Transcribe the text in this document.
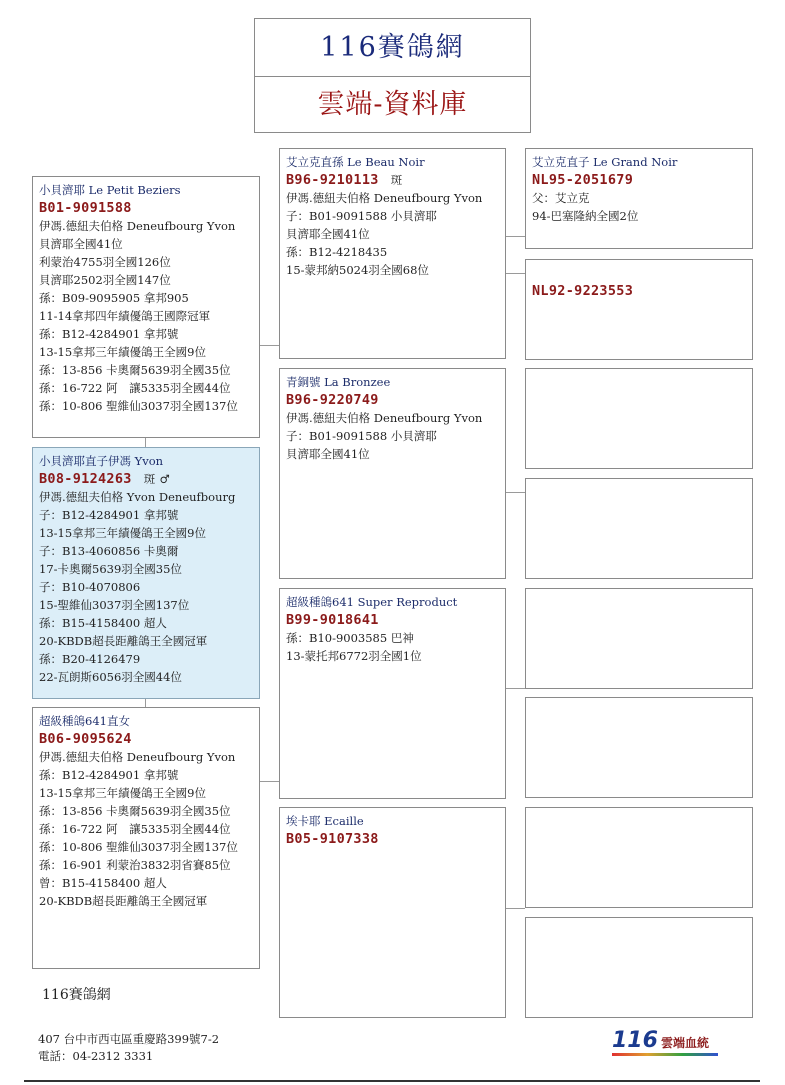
116賽鴿網
雲端-資料庫
小貝濟耶 Le Petit Beziers
B01-9091588
伊馮.德紐夫伯格 Deneufbourg Yvon
貝濟耶全國41位
利蒙治4755羽全國126位
貝濟耶2502羽全國147位
孫：B09-9095905 拿邦905
11-14拿邦四年績優鴿王國際冠軍
孫：B12-4284901 拿邦號
13-15拿邦三年績優鴿王全國9位
孫：13-856 卡奧爾5639羽全國35位
孫：16-722 阿　讓5335羽全國44位
孫：10-806 聖維仙3037羽全國137位
小貝濟耶直子伊馮 Yvon
B08-9124263 斑 ♂
伊馮.德紐夫伯格 Yvon Deneufbourg
子：B12-4284901 拿邦號
13-15拿邦三年績優鴿王全國9位
子：B13-4060856 卡奧爾
17-卡奧爾5639羽全國35位
子：B10-4070806
15-聖維仙3037羽全國137位
孫：B15-4158400 超人
20-KBDB超長距離鴿王全國冠軍
孫：B20-4126479
22-瓦朗斯6056羽全國44位
超級種鴿641直女
B06-9095624
伊馮.德紐夫伯格 Deneufbourg Yvon
孫：B12-4284901 拿邦號
13-15拿邦三年績優鴿王全國9位
孫：13-856 卡奧爾5639羽全國35位
孫：16-722 阿　讓5335羽全國44位
孫：10-806 聖維仙3037羽全國137位
孫：16-901 利蒙治3832羽省賽85位
曾：B15-4158400 超人
20-KBDB超長距離鴿王全國冠軍
艾立克直孫 Le Beau Noir
B96-9210113 斑
伊馮.德紐夫伯格 Deneufbourg Yvon
子：B01-9091588 小貝濟耶
貝濟耶全國41位
孫：B12-4218435
15-蒙邦納5024羽全國68位
青銅號 La Bronzee
B96-9220749
伊馮.德紐夫伯格 Deneufbourg Yvon
子：B01-9091588 小貝濟耶
貝濟耶全國41位
超級種鴿641 Super Reproduct
B99-9018641
孫：B10-9003585 巴神
13-蒙托邦6772羽全國1位
埃卡耶 Ecaille
B05-9107338
艾立克直子 Le Grand Noir
NL95-2051679
父：艾立克
94-巴塞隆納全國2位

NL92-9223553
116賽鴿網
407 台中市西屯區重慶路399號7-2
電話：04-2312 3331
116 雲端血統
